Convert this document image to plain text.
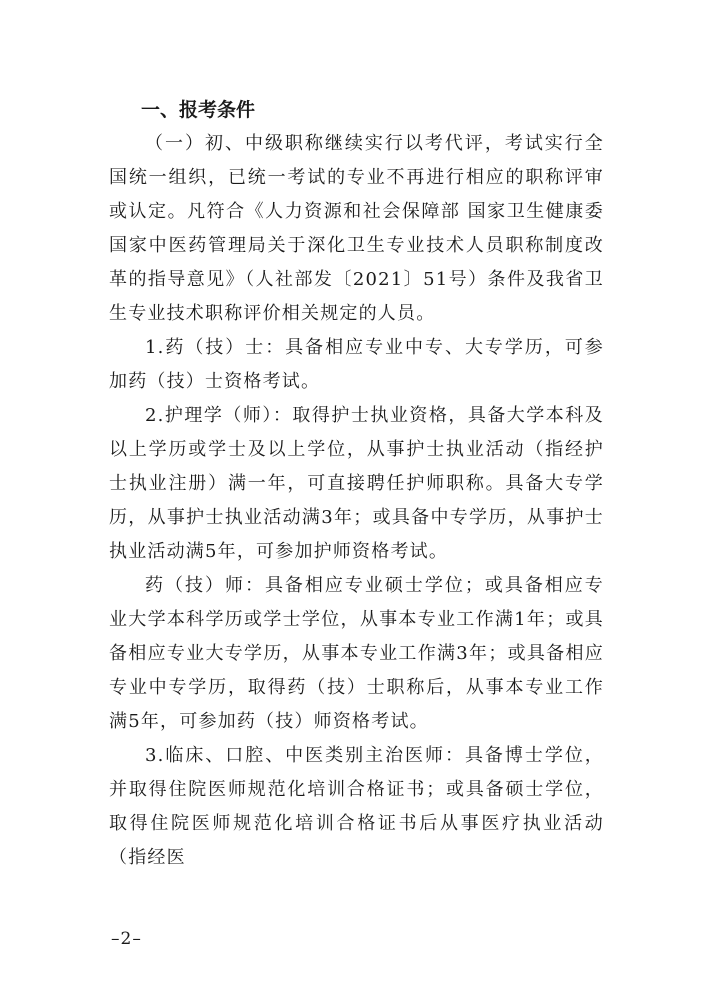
一、报考条件

（一）初、中级职称继续实行以考代评，考试实行全国统一组织，已统一考试的专业不再进行相应的职称评审或认定。凡符合《人力资源和社会保障部 国家卫生健康委 国家中医药管理局关于深化卫生专业技术人员职称制度改革的指导意见》（人社部发〔2021〕51号）条件及我省卫生专业技术职称评价相关规定的人员。

1.药（技）士：具备相应专业中专、大专学历，可参加药（技）士资格考试。

2.护理学（师）：取得护士执业资格，具备大学本科及以上学历或学士及以上学位，从事护士执业活动（指经护士执业注册）满一年，可直接聘任护师职称。具备大专学历，从事护士执业活动满3年；或具备中专学历，从事护士执业活动满5年，可参加护师资格考试。

药（技）师：具备相应专业硕士学位；或具备相应专业大学本科学历或学士学位，从事本专业工作满1年；或具备相应专业大专学历，从事本专业工作满3年；或具备相应专业中专学历，取得药（技）士职称后，从事本专业工作满5年，可参加药（技）师资格考试。

3.临床、口腔、中医类别主治医师：具备博士学位，并取得住院医师规范化培训合格证书；或具备硕士学位，取得住院医师规范化培训合格证书后从事医疗执业活动（指经医

–2–
